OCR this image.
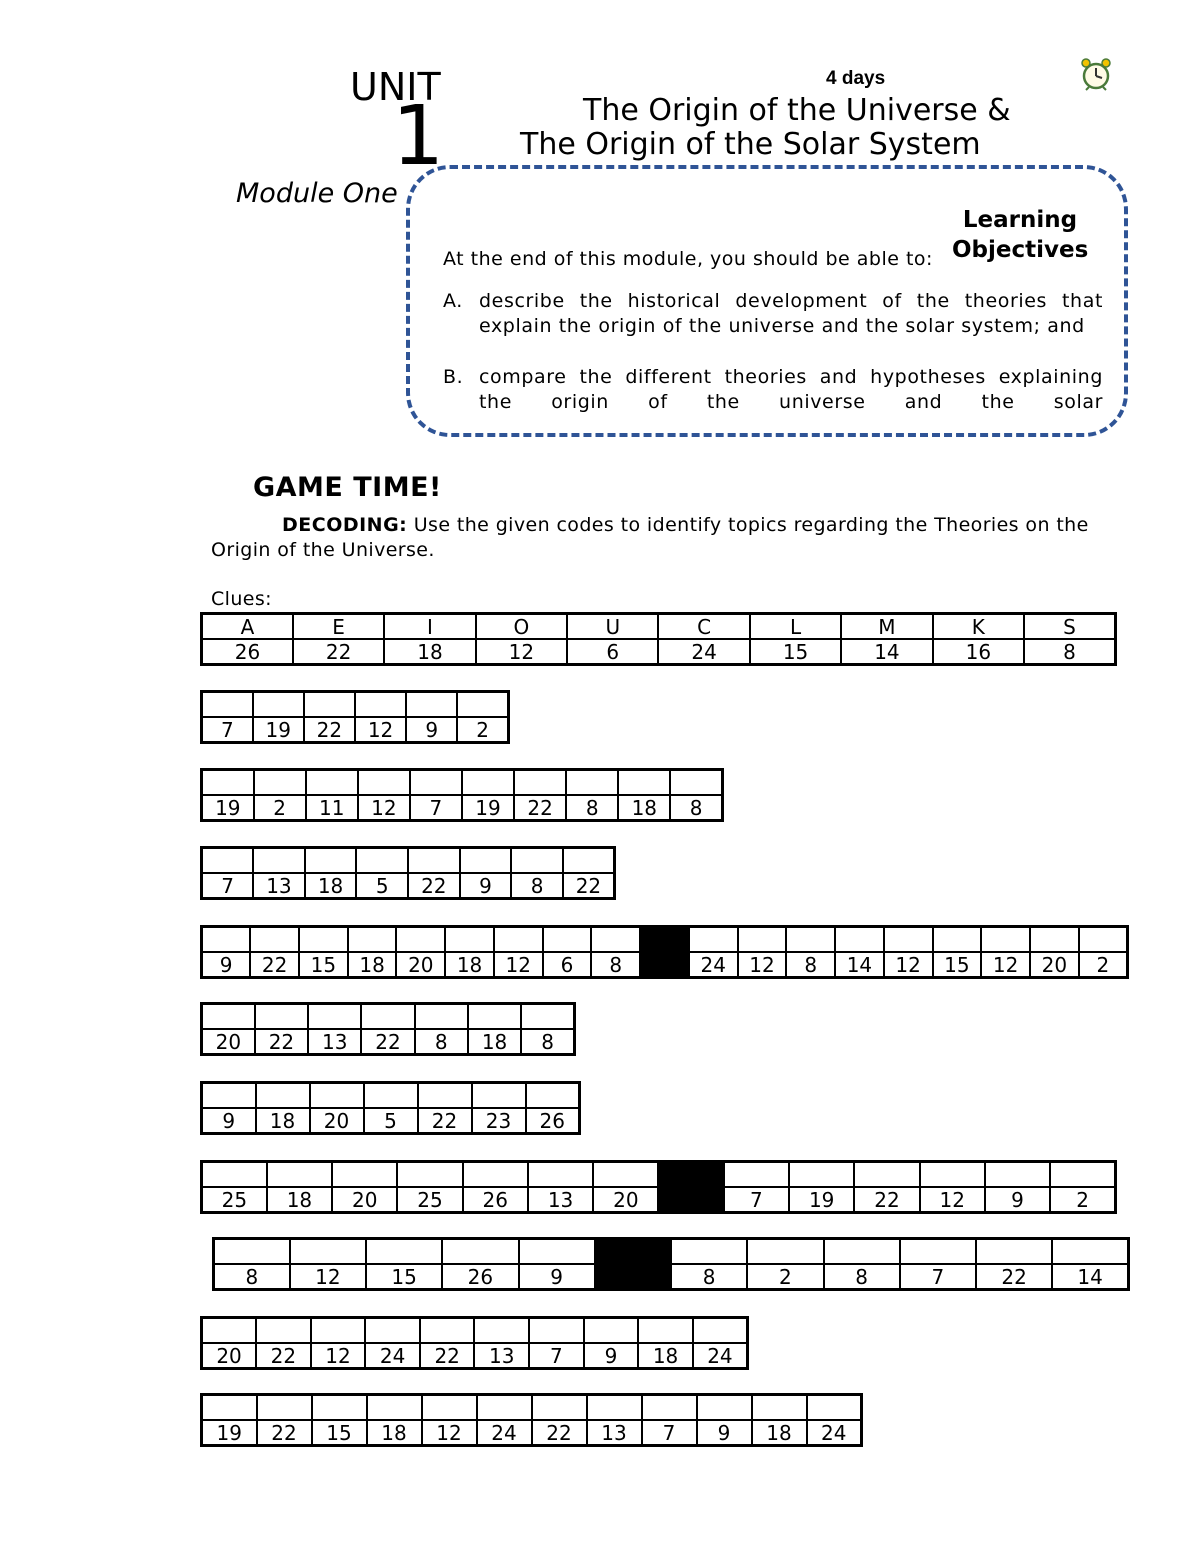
UNIT
1
Module One
4 days
The Origin of the Universe &
The Origin of the Solar System
Learning Objectives
At the end of this module, you should be able to:
A. describe the historical development of the theories that explain the origin of the universe and the solar system; and
B. compare the different theories and hypotheses explaining the origin of the universe and the solar
GAME TIME!
DECODING: Use the given codes to identify topics regarding the Theories on the Origin of the Universe.
Clues:
A	E	I	O	U	C	L	M	K	S
26	22	18	12	6	24	15	14	16	8

7	19	22	12	9	2

19	2	11	12	7	19	22	8	18	8

7	13	18	5	22	9	8	22

9	22	15	18	20	18	12	6	8		24	12	8	14	12	15	12	20	2

20	22	13	22	8	18	8

9	18	20	5	22	23	26

25	18	20	25	26	13	20		7	19	22	12	9	2

8	12	15	26	9		8	2	8	7	22	14

20	22	12	24	22	13	7	9	18	24

19	22	15	18	12	24	22	13	7	9	18	24
